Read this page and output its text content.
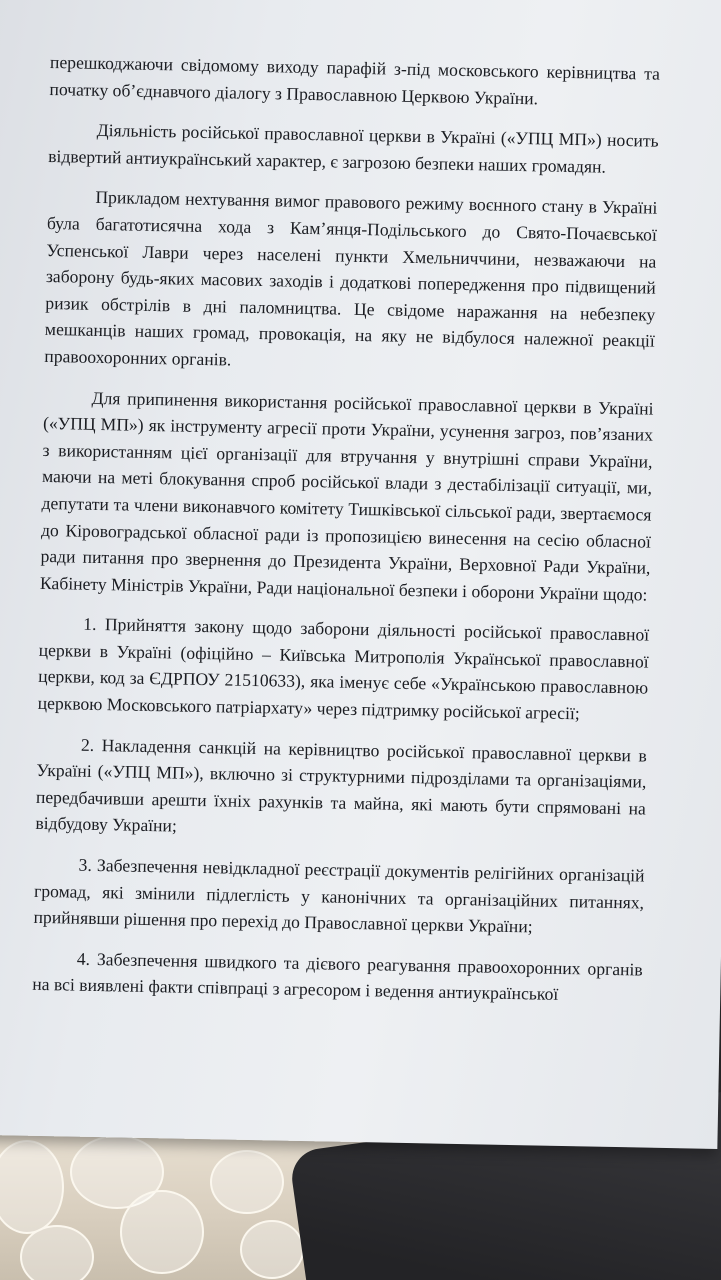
перешкоджаючи свідомому виходу парафій з-під московського керівництва та початку об’єднавчого діалогу з Православною Церквою України.

Діяльність російської православної церкви в Україні («УПЦ МП») носить відвертий антиукраїнський характер, є загрозою безпеки наших громадян.

Прикладом нехтування вимог правового режиму воєнного стану в Україні була багатотисячна хода з Кам’янця-Подільського до Свято-Почаєвської Успенської Лаври через населені пункти Хмельниччини, незважаючи на заборону будь-яких масових заходів і додаткові попередження про підвищений ризик обстрілів в дні паломництва. Це свідоме наражання на небезпеку мешканців наших громад, провокація, на яку не відбулося належної реакції правоохоронних органів.

Для припинення використання російської православної церкви в Україні («УПЦ МП») як інструменту агресії проти України, усунення загроз, пов’язаних з використанням цієї організації для втручання у внутрішні справи України, маючи на меті блокування спроб російської влади з дестабілізації ситуації, ми, депутати та члени виконавчого комітету Тишківської сільської ради, звертаємося до Кіровоградської обласної ради із пропозицією винесення на сесію обласної ради питання про звернення до Президента України, Верховної Ради України, Кабінету Міністрів України, Ради національної безпеки і оборони України щодо:

1. Прийняття закону щодо заборони діяльності російської православної церкви в Україні (офіційно – Київська Митрополія Української православної церкви, код за ЄДРПОУ 21510633), яка іменує себе «Українською православною церквою Московського патріархату» через підтримку російської агресії;

2. Накладення санкцій на керівництво російської православної церкви в Україні («УПЦ МП»), включно зі структурними підрозділами та організаціями, передбачивши арешти їхніх рахунків та майна, які мають бути спрямовані на відбудову України;

3. Забезпечення невідкладної реєстрації документів релігійних організацій громад, які змінили підлеглість у канонічних та організаційних питаннях, прийнявши рішення про перехід до Православної церкви України;

4. Забезпечення швидкого та дієвого реагування правоохоронних органів на всі виявлені факти співпраці з агресором і ведення антиукраїнської
